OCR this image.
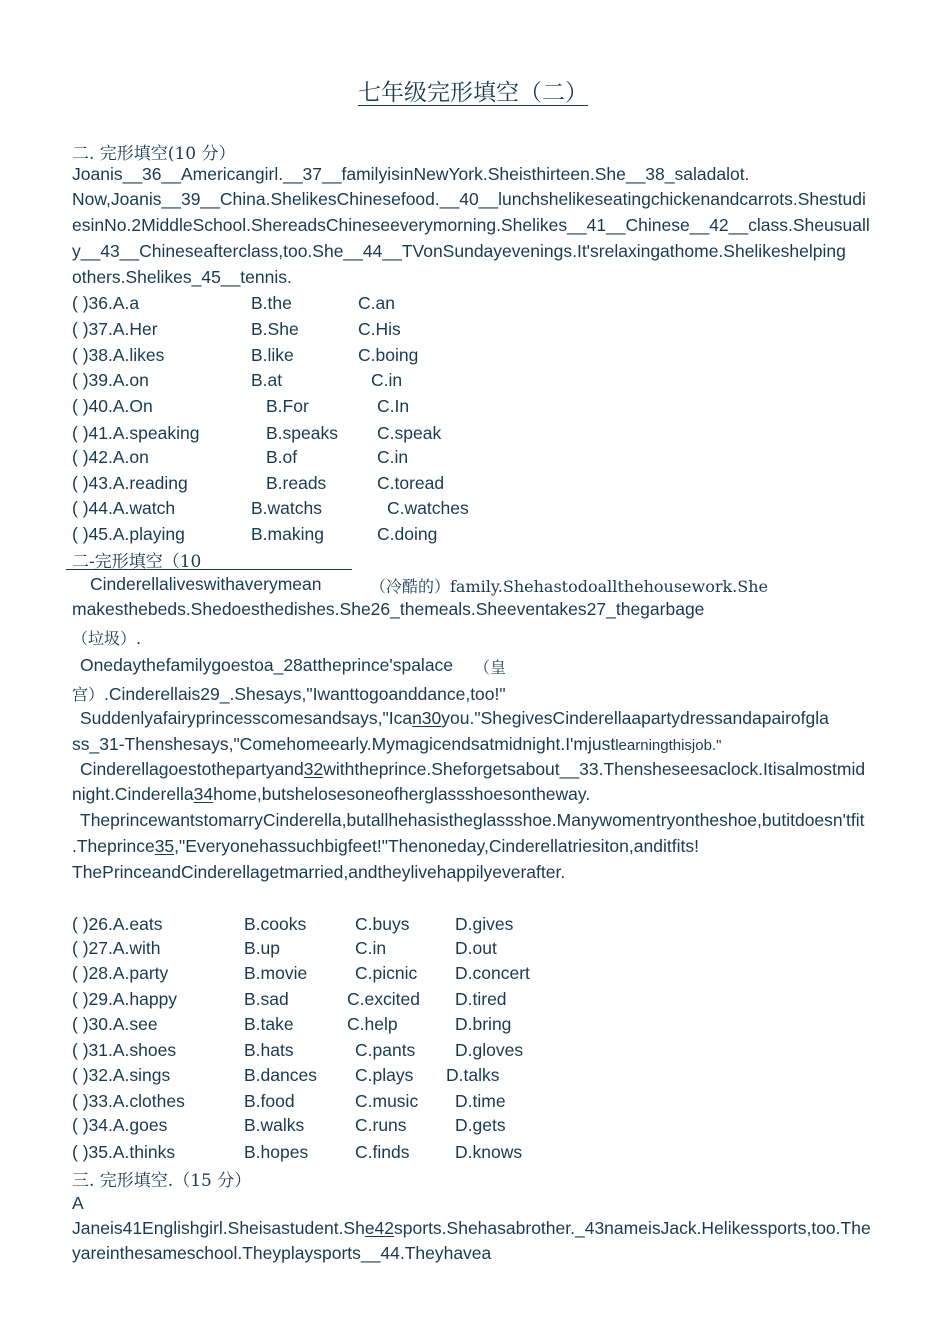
七年级完形填空（二）
二. 完形填空(10 分）
Joanis__36__Americangirl.__37__familyisinNewYork.Sheisthirteen.She__38_saladalot.
Now,Joanis__39__China.ShelikesChinesefood.__40__lunchshelikeseatingchickenandcarrots.Shestudi
esinNo.2MiddleSchool.ShereadsChineseeverymorning.Shelikes__41__Chinese__42__class.Sheusuall
y__43__Chineseafterclass,too.She__44__TVonSundayevenings.It'srelaxingathome.Shelikeshelping
others.Shelikes_45__tennis.
( )36.A.a	B.the	C.an
( )37.A.Her	B.She	C.His
( )38.A.likes	B.like	C.boing
( )39.A.on	B.at	C.in
( )40.A.On	B.For	C.In
( )41.A.speaking	B.speaks C.speak
( )42.A.on	B.of	C.in
( )43.A.reading	B.reads	C.toread
( )44.A.watch	B.watchs	C.watches
( )45.A.playing	B.making	C.doing
二-完形填空（10
Cinderellaliveswithaverymean	（冷酷的）family.Shehastodoallthehousework.She
makesthebeds.Shedoesthedishes.She26_themeals.Sheeventakes27_thegarbage
（垃圾）.
Onedaythefamilygoestoa_28attheprince'spalace （皇
宫）.Cinderellais29_.Shesays,"Iwanttogoanddance,too!"
Suddenlyafairyprincesscomesandsays,"Ican30you."ShegivesCinderellaapartydressandapairofgla
ss_31-Thenshesays,"Comehomeearly.Mymagicendsatmidnight.I'mjustlearningthisjob."
Cinderellagoestothepartyand32withtheprince.Sheforgetsabout__33.Thensheseesaclock.Itisalmostmid
night.Cinderella34home,butshelosesoneofherglassshoesontheway.
TheprincewantstomarryCinderella,butallhehasistheglassshoe.Manywomentryontheshoe,butitdoesn'tfit
.Theprince35,"Everyonehassuchbigfeet!"Thenoneday,Cinderellatriesiton,anditfits!
ThePrinceandCinderellagetmarried,andtheylivehappilyeverafter.
( )26.A.eats	B.cooks	C.buys	D.gives
( )27.A.with	B.up	C.in	D.out
( )28.A.party	B.movie	C.picnic D.concert
( )29.A.happy	B.sad	C.excited D.tired
( )30.A.see	B.take	C.help	D.bring
( )31.A.shoes	B.hats	C.pants D.gloves
( )32.A.sings	B.dances C.plays D.talks
( )33.A.clothes	B.food	C.music D.time
( )34.A.goes	B.walks	C.runs	D.gets
( )35.A.thinks	B.hopes	C.finds	D.knows
三. 完形填空.（15 分）
A
Janeis41Englishgirl.Sheisastudent.She42sports.Shehasabrother._43nameisJack.Helikessports,too.The
yareinthesameschool.Theyplaysports__44.Theyhavea
